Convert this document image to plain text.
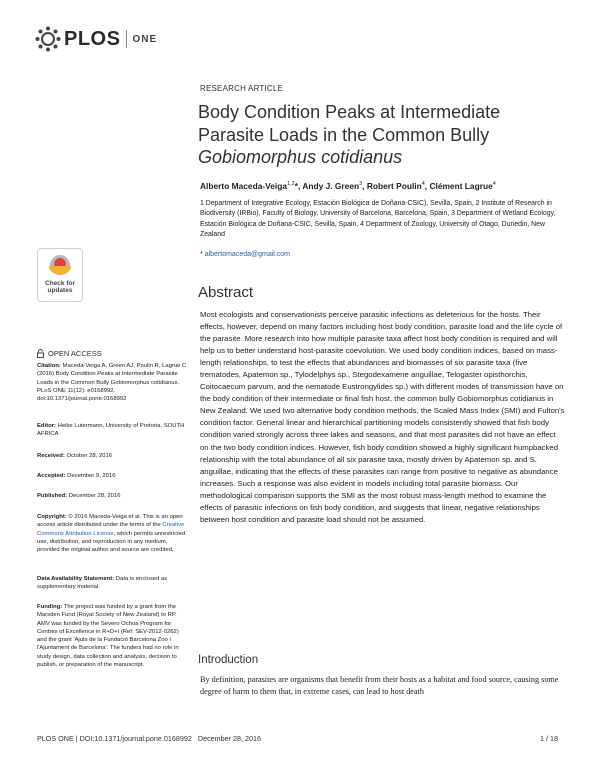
PLOS ONE
RESEARCH ARTICLE
Body Condition Peaks at Intermediate
Parasite Loads in the Common Bully
Gobiomorphus cotidianus
Alberto Maceda-Veiga$^{1,2}$*, Andy J. Green$^3$, Robert Poulin$^4$, Clément Lagrue$^4$
1 Department of Integrative Ecology, Estación Biológica de Doñana-CSIC), Sevilla, Spain, 2 Institute of Research in Biodiversity (IRBio), Faculty of Biology, University of Barcelona, Barcelona, Spain, 3 Department of Wetland Ecology, Estación Biológica de Doñana-CSIC, Sevilla, Spain, 4 Department of Zoology, University of Otago, Dunedin, New Zealand
* albertomaceda@gmail.com
Abstract

Most ecologists and conservationists perceive parasitic infections as deleterious for the hosts. Their effects, however, depend on many factors including host body condition, parasite load and the life cycle of the parasite. More research into how multiple parasite taxa affect host body condition is required and will help us to better understand host-parasite coevolution. We used body condition indices, based on mass-length relationships, to test the effects that abundances and biomasses of six parasite taxa (five trematodes, Apatemon sp., Tylodelphys sp., Stegodexamene anguillae, Telogaster opisthorchis, Coitocaecum parvum, and the nematode Eustrongylides sp.) with different modes of transmission have on the body condition of their intermediate or final fish host, the common bully Gobiomorphus cotidianus in New Zealand. We used two alternative body condition methods, the Scaled Mass Index (SMI) and Fulton's condition factor. General linear and hierarchical partitioning models consistently showed that fish body condition varied strongly across three lakes and seasons, and that most parasites did not have an effect on the two body condition indices. However, fish body condition showed a highly significant humpbacked relationship with the total abundance of all six parasite taxa, mostly driven by Apatemon sp. and S. anguillae, indicating that the effects of these parasites can range from positive to negative as abundance increases. Such a response was also evident in models including total parasite biomass. Our methodological comparison supports the SMI as the most robust mass-length method to examine the effects of parasitic infections on fish body condition, and suggests that linear, negative relationships between host condition and parasite load should not be assumed.

Introduction
By definition, parasites are organisms that benefit from their hosts as a habitat and food source, causing some degree of harm to them that, in extreme cases, can lead to host death
Check for
updates
OPEN ACCESS
Citation: Maceda-Veiga A, Green AJ, Poulin R, Lagrue C (2016) Body Condition Peaks at Intermediate Parasite Loads in the Common Bully Gobiomorphus cotidianus. PLoS ONE 11(12): e0168992. doi:10.1371/journal.pone.0168992
Editor: Heike Lutermann, University of Pretoria, SOUTH AFRICA
Received: October 28, 2016
Accepted: December 9, 2016
Published: December 28, 2016
Copyright: © 2016 Maceda-Veiga et al. This is an open access article distributed under the terms of the Creative Commons Attribution License, which permits unrestricted use, distribution, and reproduction in any medium, provided the original author and source are credited.
Data Availability Statement: Data is enclosed as supplementary material.
Funding: The project was funded by a grant from the Marsden Fund (Royal Society of New Zealand) to RP. AMV was funded by the Severo Ochoa Program for Centres of Excellence in R+D+I (Ref: SEV-2012-0262) and the grant 'Ajuts de la Fundació Barcelona Zoo i l'Ajuntament de Barcelona'. The funders had no role in study design, data collection and analysis, decision to publish, or preparation of the manuscript.
PLOS ONE | DOI:10.1371/journal.pone.0168992   December 28, 2016	1 / 18
